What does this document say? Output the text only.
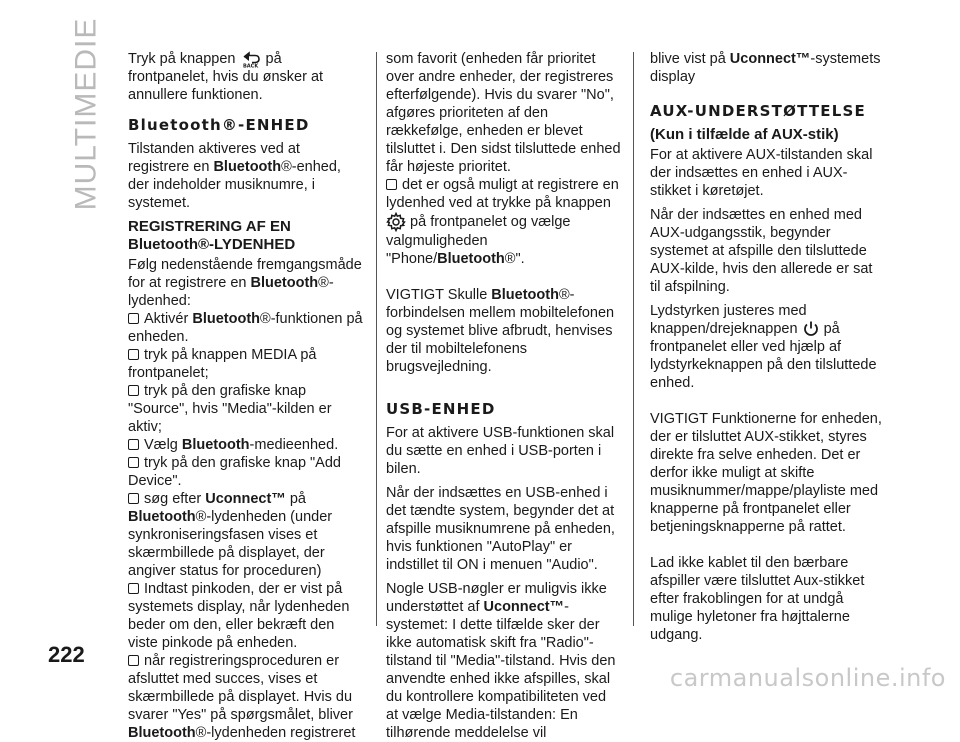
MULTIMEDIE
222
carmanualsonline.info

Tryk på knappen BACK på frontpanelet, hvis du ønsker at annullere funktionen.

Bluetooth®-ENHED

Tilstanden aktiveres ved at registrere en Bluetooth®-enhed, der indeholder musiknumre, i systemet.

REGISTRERING AF EN Bluetooth®-LYDENHED

Følg nedenstående fremgangsmåde for at registrere en Bluetooth®-lydenhed:

Aktivér Bluetooth®-funktionen på enheden.

tryk på knappen MEDIA på frontpanelet;

tryk på den grafiske knap "Source", hvis "Media"-kilden er aktiv;

Vælg Bluetooth-medieenhed.

tryk på den grafiske knap "Add Device".

søg efter Uconnect™ på Bluetooth®-lydenheden (under synkroniseringsfasen vises et skærmbillede på displayet, der angiver status for proceduren)

Indtast pinkoden, der er vist på systemets display, når lydenheden beder om den, eller bekræft den viste pinkode på enheden.

når registreringsproceduren er afsluttet med succes, vises et skærmbillede på displayet. Hvis du svarer "Yes" på spørgsmålet, bliver Bluetooth®-lydenheden registreret

som favorit (enheden får prioritet over andre enheder, der registreres efterfølgende). Hvis du svarer "No", afgøres prioriteten af den rækkefølge, enheden er blevet tilsluttet i. Den sidst tilsluttede enhed får højeste prioritet.

det er også muligt at registrere en lydenhed ved at trykke på knappen  på frontpanelet og vælge valgmuligheden "Phone/Bluetooth®".

VIGTIGT Skulle Bluetooth®-forbindelsen mellem mobiltelefonen og systemet blive afbrudt, henvises der til mobiltelefonens brugsvejledning.

USB-ENHED

For at aktivere USB-funktionen skal du sætte en enhed i USB-porten i bilen.

Når der indsættes en USB-enhed i det tændte system, begynder det at afspille musiknumrene på enheden, hvis funktionen "AutoPlay" er indstillet til ON i menuen "Audio".

Nogle USB-nøgler er muligvis ikke understøttet af Uconnect™-systemet: I dette tilfælde sker der ikke automatisk skift fra "Radio"-tilstand til "Media"-tilstand. Hvis den anvendte enhed ikke afspilles, skal du kontrollere kompatibiliteten ved at vælge Media-tilstanden: En tilhørende meddelelse vil

blive vist på Uconnect™-systemets display

AUX-UNDERSTØTTELSE
(Kun i tilfælde af AUX-stik)

For at aktivere AUX-tilstanden skal der indsættes en enhed i AUX-stikket i køretøjet.

Når der indsættes en enhed med AUX-udgangsstik, begynder systemet at afspille den tilsluttede AUX-kilde, hvis den allerede er sat til afspilning.

Lydstyrken justeres med knappen/drejeknappen på frontpanelet eller ved hjælp af lydstyrkeknappen på den tilsluttede enhed.

VIGTIGT Funktionerne for enheden, der er tilsluttet AUX-stikket, styres direkte fra selve enheden. Det er derfor ikke muligt at skifte musiknummer/mappe/playliste med knapperne på frontpanelet eller betjeningsknapperne på rattet.

Lad ikke kablet til den bærbare afspiller være tilsluttet Aux-stikket efter frakoblingen for at undgå mulige hyletoner fra højttalerne udgang.
